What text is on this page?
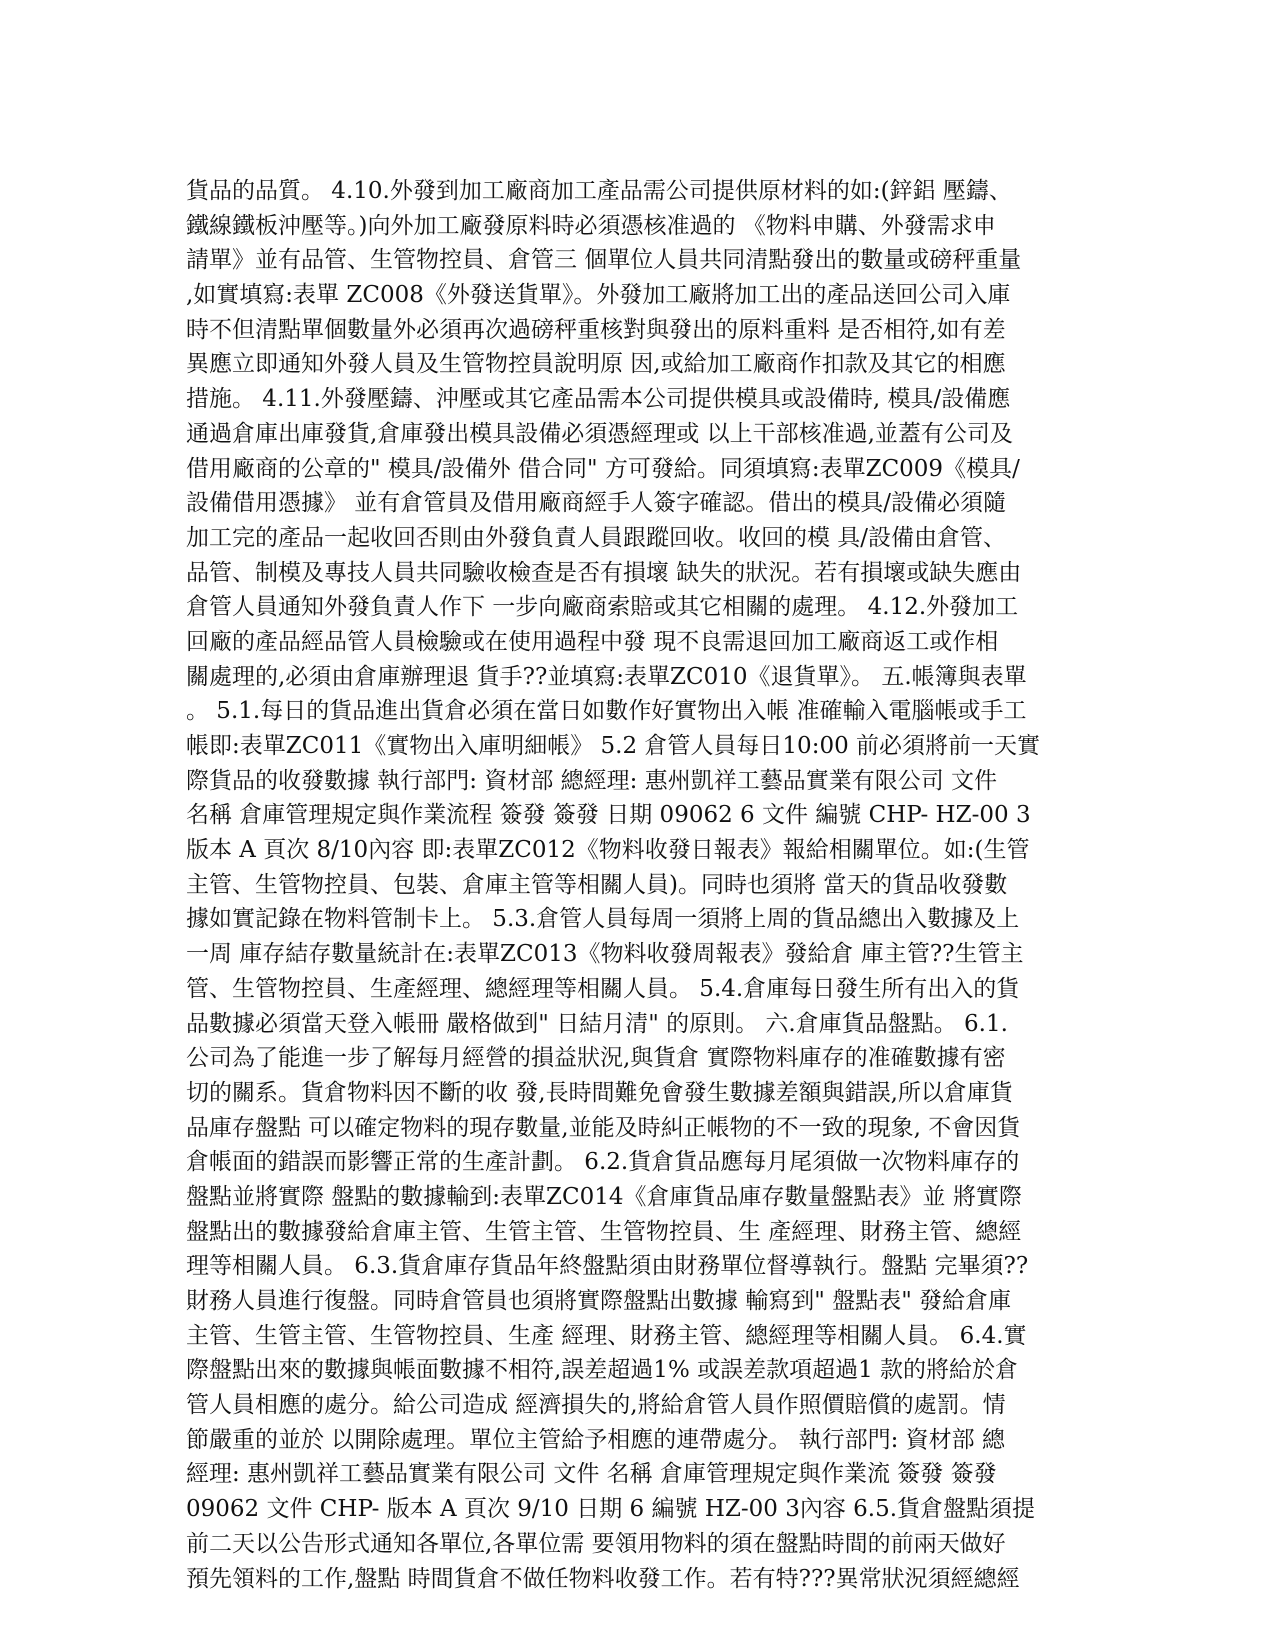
貨品的品質。 4.10.外發到加工廠商加工產品需公司提供原材料的如:(鋅鋁 壓鑄、
鐵線鐵板沖壓等。)向外加工廠發原料時必須憑核准過的 《物料申購、外發需求申
請單》並有品管、生管物控員、倉管三 個單位人員共同清點發出的數量或磅秤重量
,如實填寫:表單 ZC008《外發送貨單》。外發加工廠將加工出的產品送回公司入庫
時不但清點單個數量外必須再次過磅秤重核對與發出的原料重料 是否相符,如有差
異應立即通知外發人員及生管物控員說明原 因,或給加工廠商作扣款及其它的相應
措施。 4.11.外發壓鑄、沖壓或其它產品需本公司提供模具或設備時, 模具/設備應
通過倉庫出庫發貨,倉庫發出模具設備必須憑經理或 以上干部核准過,並蓋有公司及
借用廠商的公章的" 模具/設備外 借合同" 方可發給。同須填寫:表單ZC009《模具/
設備借用憑據》 並有倉管員及借用廠商經手人簽字確認。借出的模具/設備必須隨
加工完的產品一起收回否則由外發負責人員跟蹤回收。收回的模 具/設備由倉管、
品管、制模及專技人員共同驗收檢查是否有損壞 缺失的狀況。若有損壞或缺失應由
倉管人員通知外發負責人作下 一步向廠商索賠或其它相關的處理。 4.12.外發加工
回廠的產品經品管人員檢驗或在使用過程中發 現不良需退回加工廠商返工或作相
關處理的,必須由倉庫辦理退 貨手??並填寫:表單ZC010《退貨單》。 五.帳簿與表單
。 5.1.每日的貨品進出貨倉必須在當日如數作好實物出入帳 准確輸入電腦帳或手工
帳即:表單ZC011《實物出入庫明細帳》 5.2 倉管人員每日10:00 前必須將前一天實
際貨品的收發數據 執行部門: 資材部 總經理: 惠州凱祥工藝品實業有限公司 文件
名稱 倉庫管理規定與作業流程 簽發 簽發 日期 09062 6 文件 編號 CHP- HZ-00 3
版本 A 頁次 8/10內容 即:表單ZC012《物料收發日報表》報給相關單位。如:(生管
主管、生管物控員、包裝、倉庫主管等相關人員)。同時也須將 當天的貨品收發數
據如實記錄在物料管制卡上。 5.3.倉管人員每周一須將上周的貨品總出入數據及上
一周 庫存結存數量統計在:表單ZC013《物料收發周報表》發給倉 庫主管??生管主
管、生管物控員、生產經理、總經理等相關人員。 5.4.倉庫每日發生所有出入的貨
品數據必須當天登入帳冊 嚴格做到" 日結月清" 的原則。 六.倉庫貨品盤點。 6.1.
公司為了能進一步了解每月經營的損益狀況,與貨倉 實際物料庫存的准確數據有密
切的關系。貨倉物料因不斷的收 發,長時間難免會發生數據差額與錯誤,所以倉庫貨
品庫存盤點 可以確定物料的現存數量,並能及時糾正帳物的不一致的現象, 不會因貨
倉帳面的錯誤而影響正常的生產計劃。 6.2.貨倉貨品應每月尾須做一次物料庫存的
盤點並將實際 盤點的數據輸到:表單ZC014《倉庫貨品庫存數量盤點表》並 將實際
盤點出的數據發給倉庫主管、生管主管、生管物控員、生 產經理、財務主管、總經
理等相關人員。 6.3.貨倉庫存貨品年終盤點須由財務單位督導執行。盤點 完畢須??
財務人員進行復盤。同時倉管員也須將實際盤點出數據 輸寫到" 盤點表" 發給倉庫
主管、生管主管、生管物控員、生產 經理、財務主管、總經理等相關人員。 6.4.實
際盤點出來的數據與帳面數據不相符,誤差超過1% 或誤差款項超過1 款的將給於倉
管人員相應的處分。給公司造成 經濟損失的,將給倉管人員作照價賠償的處罰。情
節嚴重的並於 以開除處理。單位主管給予相應的連帶處分。 執行部門: 資材部 總
經理: 惠州凱祥工藝品實業有限公司 文件 名稱 倉庫管理規定與作業流 簽發 簽發
09062 文件 CHP- 版本 A 頁次 9/10 日期 6 編號 HZ-00 3內容 6.5.貨倉盤點須提
前二天以公告形式通知各單位,各單位需 要領用物料的須在盤點時間的前兩天做好
預先領料的工作,盤點 時間貨倉不做任物料收發工作。若有特???異常狀況須經總經
